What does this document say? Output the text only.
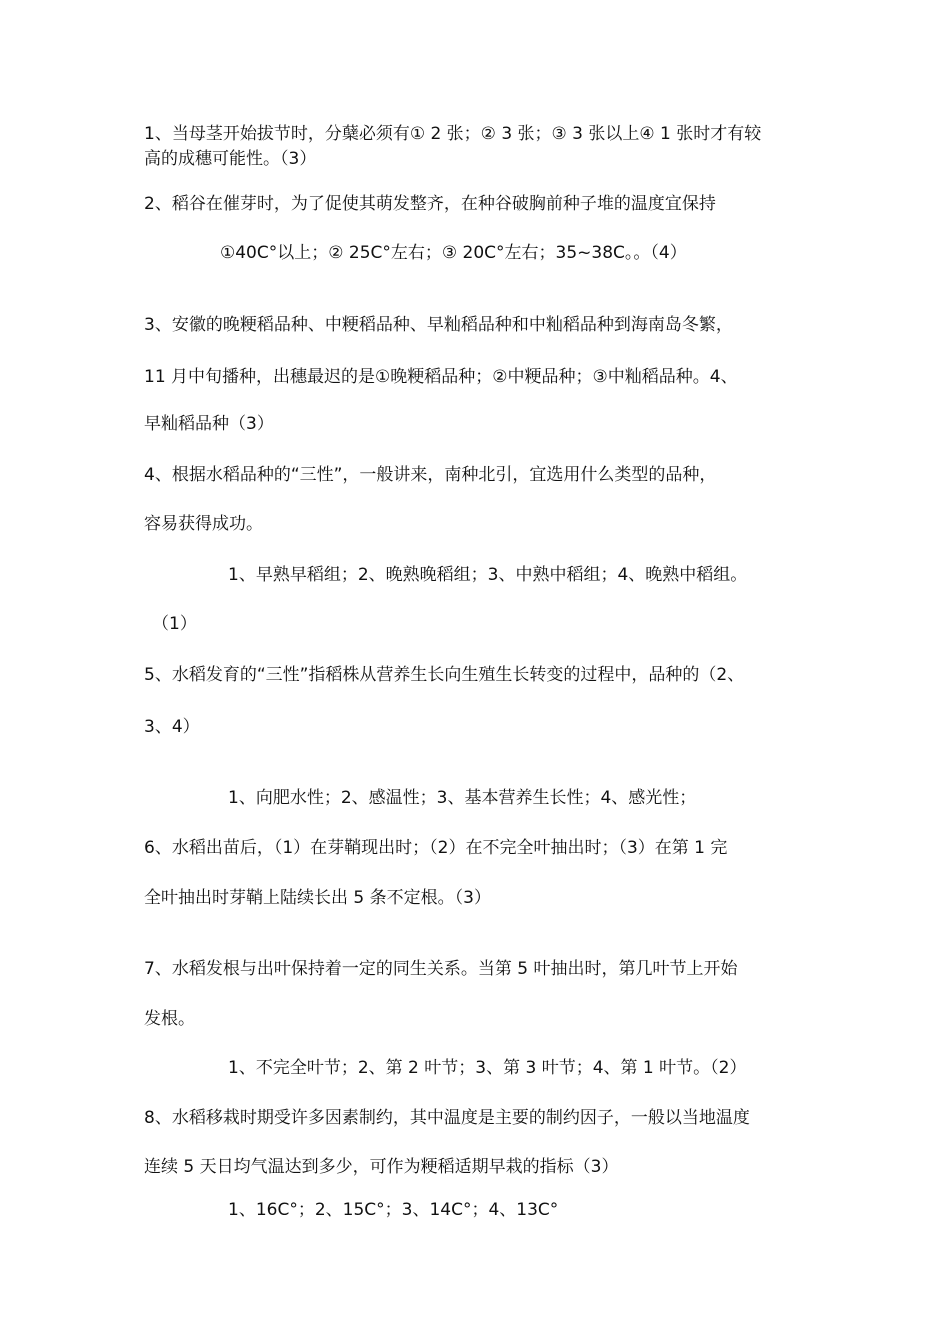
1、当母茎开始拔节时，分蘖必须有① 2 张；② 3 张；③ 3 张以上④ 1 张时才有较
高的成穗可能性。（3）
2、稻谷在催芽时，为了促使其萌发整齐，在种谷破胸前种子堆的温度宜保持
①40C°以上；② 25C°左右；③ 20C°左右；35~38C。。（4）
3、安徽的晚粳稻品种、中粳稻品种、早籼稻品种和中籼稻品种到海南岛冬繁，
11 月中旬播种，出穗最迟的是①晚粳稻品种；②中粳品种；③中籼稻品种。4、
早籼稻品种（3）
4、根据水稻品种的“三性”，一般讲来，南种北引，宜选用什么类型的品种，
容易获得成功。
1、早熟早稻组；2、晚熟晚稻组；3、中熟中稻组；4、晚熟中稻组。
（1）
5、水稻发育的“三性”指稻株从营养生长向生殖生长转变的过程中，品种的（2、
3、4）
1、向肥水性；2、感温性；3、基本营养生长性；4、感光性；
6、水稻出苗后，（1）在芽鞘现出时；（2）在不完全叶抽出时；（3）在第 1 完
全叶抽出时芽鞘上陆续长出 5 条不定根。（3）
7、水稻发根与出叶保持着一定的同生关系。当第 5 叶抽出时，第几叶节上开始
发根。
1、不完全叶节；2、第 2 叶节；3、第 3 叶节；4、第 1 叶节。（2）
8、水稻移栽时期受许多因素制约，其中温度是主要的制约因子，一般以当地温度
连续 5 天日均气温达到多少，可作为粳稻适期早栽的指标（3）
1、16C°；2、15C°；3、14C°；4、13C°
